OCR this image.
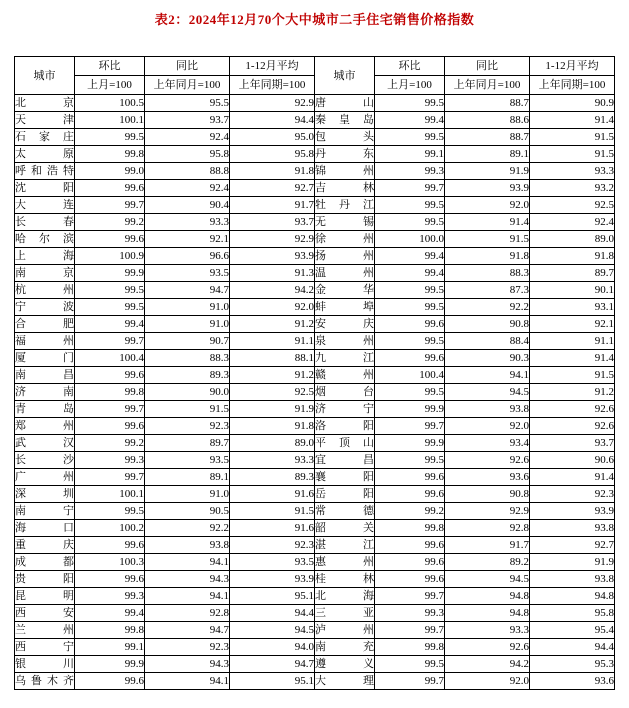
表2：2024年12月70个大中城市二手住宅销售价格指数
城市	环比	同比	1-12月平均	城市	环比	同比	1-12月平均
	上月=100	上年同月=100	上年同期=100		上月=100	上年同月=100	上年同期=100
北京	100.5	95.5	92.9	唐山	99.5	88.7	90.9
天津	100.1	93.7	94.4	秦皇岛	99.4	88.6	91.4
石家庄	99.5	92.4	95.0	包头	99.5	88.7	91.5
太原	99.8	95.8	95.8	丹东	99.1	89.1	91.5
呼和浩特	99.0	88.8	91.8	锦州	99.3	91.9	93.3
沈阳	99.6	92.4	92.7	吉林	99.7	93.9	93.2
大连	99.7	90.4	91.7	牡丹江	99.5	92.0	92.5
长春	99.2	93.3	93.7	无锡	99.5	91.4	92.4
哈尔滨	99.6	92.1	92.9	徐州	100.0	91.5	89.0
上海	100.9	96.6	93.9	扬州	99.4	91.8	91.8
南京	99.9	93.5	91.3	温州	99.4	88.3	89.7
杭州	99.5	94.7	94.2	金华	99.5	87.3	90.1
宁波	99.5	91.0	92.0	蚌埠	99.5	92.2	93.1
合肥	99.4	91.0	91.2	安庆	99.6	90.8	92.1
福州	99.7	90.7	91.1	泉州	99.5	88.4	91.1
厦门	100.4	88.3	88.1	九江	99.6	90.3	91.4
南昌	99.6	89.3	91.2	赣州	100.4	94.1	91.5
济南	99.8	90.0	92.5	烟台	99.5	94.5	91.2
青岛	99.7	91.5	91.9	济宁	99.9	93.8	92.6
郑州	99.6	92.3	91.8	洛阳	99.7	92.0	92.6
武汉	99.2	89.7	89.0	平顶山	99.9	93.4	93.7
长沙	99.3	93.5	93.3	宜昌	99.5	92.6	90.6
广州	99.7	89.1	89.3	襄阳	99.6	93.6	91.4
深圳	100.1	91.0	91.6	岳阳	99.6	90.8	92.3
南宁	99.5	90.5	91.5	常德	99.2	92.9	93.9
海口	100.2	92.2	91.6	韶关	99.8	92.8	93.8
重庆	99.6	93.8	92.3	湛江	99.6	91.7	92.7
成都	100.3	94.1	93.5	惠州	99.6	89.2	91.9
贵阳	99.6	94.3	93.9	桂林	99.6	94.5	93.8
昆明	99.3	94.1	95.1	北海	99.7	94.8	94.8
西安	99.4	92.8	94.4	三亚	99.3	94.8	95.8
兰州	99.8	94.7	94.5	泸州	99.7	93.3	95.4
西宁	99.1	92.3	94.0	南充	99.8	92.6	94.4
银川	99.9	94.3	94.7	遵义	99.5	94.2	95.3
乌鲁木齐	99.6	94.1	95.1	大理	99.7	92.0	93.6
